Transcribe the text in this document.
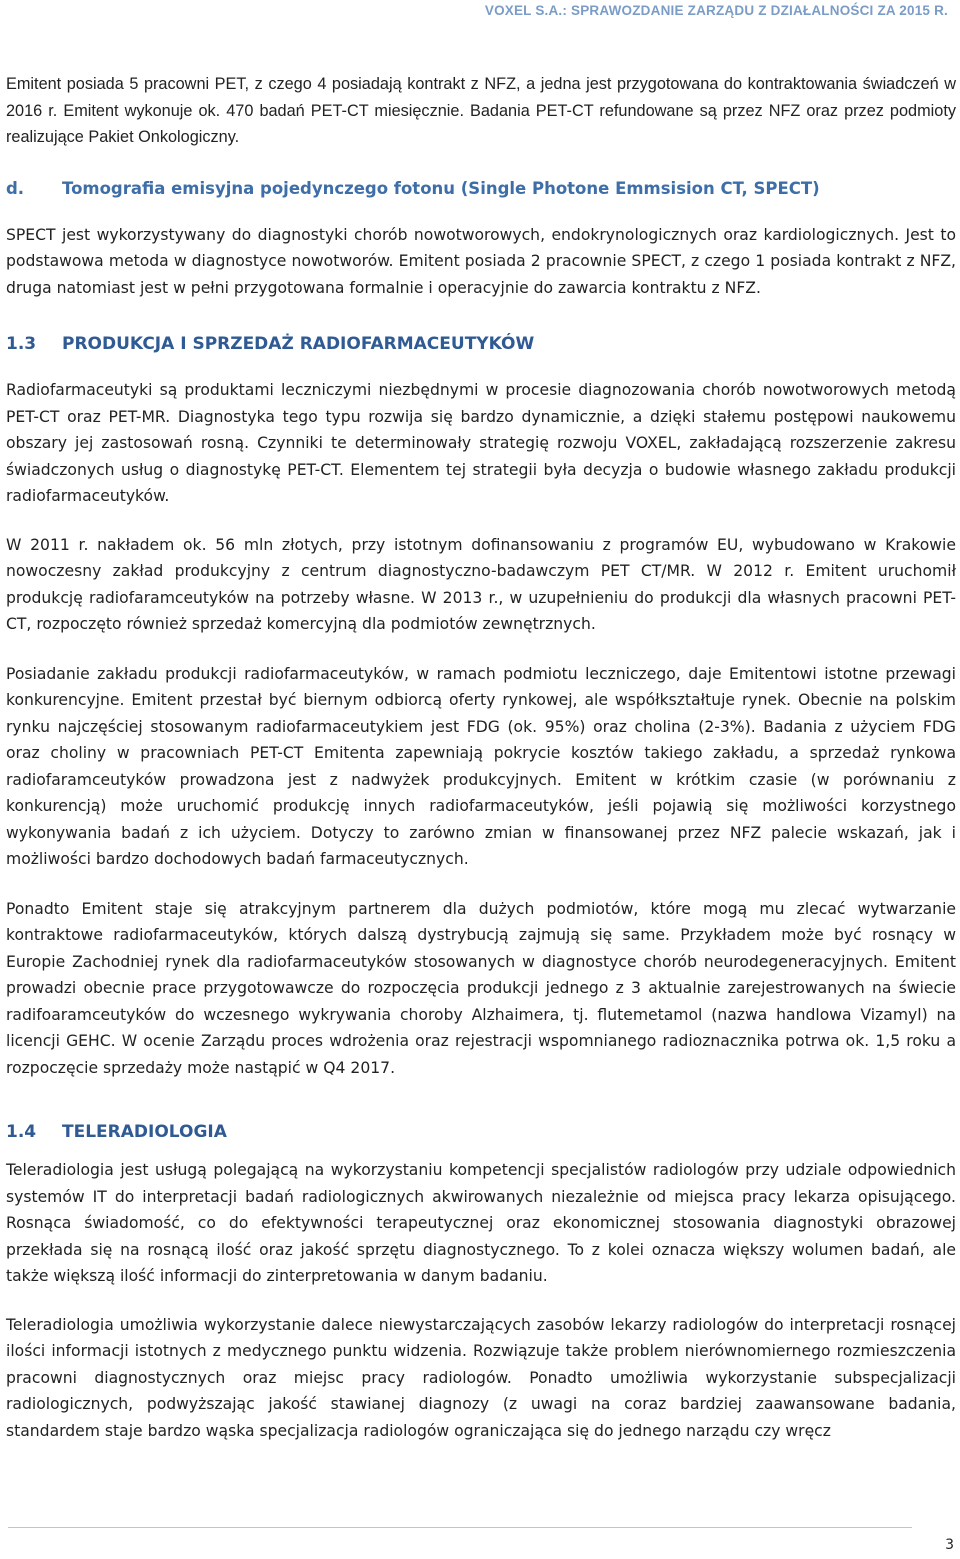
VOXEL S.A.: SPRAWOZDANIE ZARZĄDU Z DZIAŁALNOŚCI ZA 2015 R.

Emitent posiada 5 pracowni PET, z czego 4 posiadają kontrakt z NFZ, a jedna jest przygotowana do kontraktowania świadczeń w 2016 r. Emitent wykonuje ok. 470 badań PET-CT miesięcznie. Badania PET-CT refundowane są przez NFZ oraz przez podmioty realizujące Pakiet Onkologiczny.

d. Tomografia emisyjna pojedynczego fotonu (Single Photone Emmsision CT, SPECT)

SPECT jest wykorzystywany do diagnostyki chorób nowotworowych, endokrynologicznych oraz kardiologicznych. Jest to podstawowa metoda w diagnostyce nowotworów. Emitent posiada 2 pracownie SPECT, z czego 1 posiada kontrakt z NFZ, druga natomiast jest w pełni przygotowana formalnie i operacyjnie do zawarcia kontraktu z NFZ.

1.3 PRODUKCJA I SPRZEDAŻ RADIOFARMACEUTYKÓW

Radiofarmaceutyki są produktami leczniczymi niezbędnymi w procesie diagnozowania chorób nowotworowych metodą PET-CT oraz PET-MR. Diagnostyka tego typu rozwija się bardzo dynamicznie, a dzięki stałemu postępowi naukowemu obszary jej zastosowań rosną. Czynniki te determinowały strategię rozwoju VOXEL, zakładającą rozszerzenie zakresu świadczonych usług o diagnostykę PET-CT. Elementem tej strategii była decyzja o budowie własnego zakładu produkcji radiofarmaceutyków.

W 2011 r. nakładem ok. 56 mln złotych, przy istotnym dofinansowaniu z programów EU, wybudowano w Krakowie nowoczesny zakład produkcyjny z centrum diagnostyczno-badawczym PET CT/MR. W 2012 r. Emitent uruchomił produkcję radiofaramceutyków na potrzeby własne. W 2013 r., w uzupełnieniu do produkcji dla własnych pracowni PET-CT, rozpoczęto również sprzedaż komercyjną dla podmiotów zewnętrznych.

Posiadanie zakładu produkcji radiofarmaceutyków, w ramach podmiotu leczniczego, daje Emitentowi istotne przewagi konkurencyjne. Emitent przestał być biernym odbiorcą oferty rynkowej, ale współkształtuje rynek. Obecnie na polskim rynku najczęściej stosowanym radiofarmaceutykiem jest FDG (ok. 95%) oraz cholina (2-3%). Badania z użyciem FDG oraz choliny w pracowniach PET-CT Emitenta zapewniają pokrycie kosztów takiego zakładu, a sprzedaż rynkowa radiofaramceutyków prowadzona jest z nadwyżek produkcyjnych. Emitent w krótkim czasie (w porównaniu z konkurencją) może uruchomić produkcję innych radiofarmaceutyków, jeśli pojawią się możliwości korzystnego wykonywania badań z ich użyciem. Dotyczy to zarówno zmian w finansowanej przez NFZ palecie wskazań, jak i możliwości bardzo dochodowych badań farmaceutycznych.

Ponadto Emitent staje się atrakcyjnym partnerem dla dużych podmiotów, które mogą mu zlecać wytwarzanie kontraktowe radiofarmaceutyków, których dalszą dystrybucją zajmują się same. Przykładem może być rosnący w Europie Zachodniej rynek dla radiofarmaceutyków stosowanych w diagnostyce chorób neurodegeneracyjnych. Emitent prowadzi obecnie prace przygotowawcze do rozpoczęcia produkcji jednego z 3 aktualnie zarejestrowanych na świecie radifoaramceutyków do wczesnego wykrywania choroby Alzhaimera, tj. flutemetamol (nazwa handlowa Vizamyl) na licencji GEHC. W ocenie Zarządu proces wdrożenia oraz rejestracji wspomnianego radioznacznika potrwa ok. 1,5 roku a rozpoczęcie sprzedaży może nastąpić w Q4 2017.

1.4 TELERADIOLOGIA

Teleradiologia jest usługą polegającą na wykorzystaniu kompetencji specjalistów radiologów przy udziale odpowiednich systemów IT do interpretacji badań radiologicznych akwirowanych niezależnie od miejsca pracy lekarza opisującego. Rosnąca świadomość, co do efektywności terapeutycznej oraz ekonomicznej stosowania diagnostyki obrazowej przekłada się na rosnącą ilość oraz jakość sprzętu diagnostycznego. To z kolei oznacza większy wolumen badań, ale także większą ilość informacji do zinterpretowania w danym badaniu.

Teleradiologia umożliwia wykorzystanie dalece niewystarczających zasobów lekarzy radiologów do interpretacji rosnącej ilości informacji istotnych z medycznego punktu widzenia. Rozwiązuje także problem nierównomiernego rozmieszczenia pracowni diagnostycznych oraz miejsc pracy radiologów. Ponadto umożliwia wykorzystanie subspecjalizacji radiologicznych, podwyższając jakość stawianej diagnozy (z uwagi na coraz bardziej zaawansowane badania, standardem staje bardzo wąska specjalizacja radiologów ograniczająca się do jednego narządu czy wręcz

3
